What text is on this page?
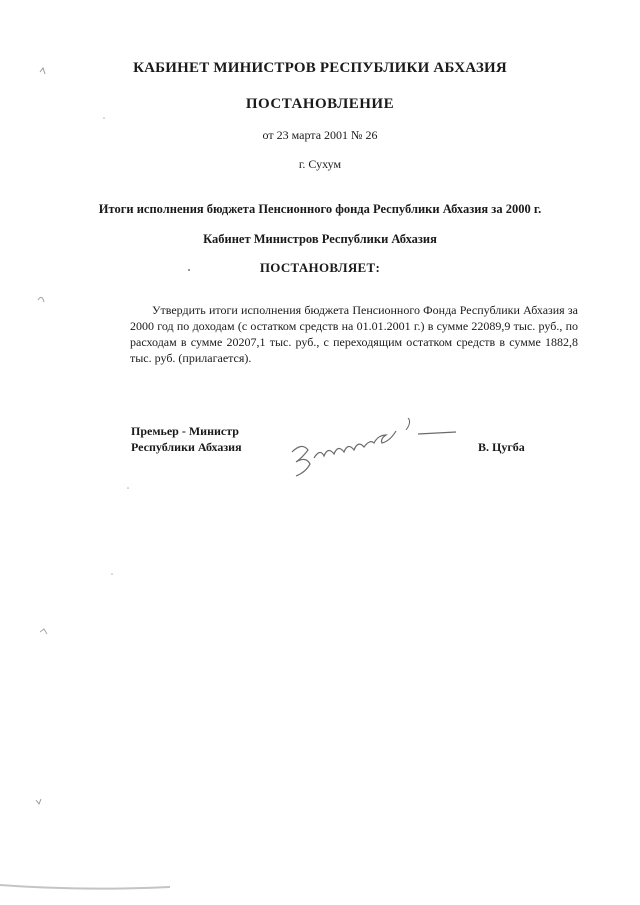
КАБИНЕТ МИНИСТРОВ РЕСПУБЛИКИ АБХАЗИЯ
ПОСТАНОВЛЕНИЕ
от 23 марта 2001 № 26
г. Сухум
Итоги исполнения бюджета Пенсионного фонда Республики Абхазия за 2000 г.
Кабинет Министров Республики Абхазия
ПОСТАНОВЛЯЕТ:
Утвердить итоги исполнения бюджета Пенсионного Фонда Республики Абхазия за 2000 год по доходам (с остатком средств на 01.01.2001 г.) в сумме 22089,9 тыс. руб., по расходам в сумме 20207,1 тыс. руб., с переходящим остатком средств в сумме 1882,8 тыс. руб. (прилагается).
Премьер - Министр
Республики Абхазия	В. Цугба
